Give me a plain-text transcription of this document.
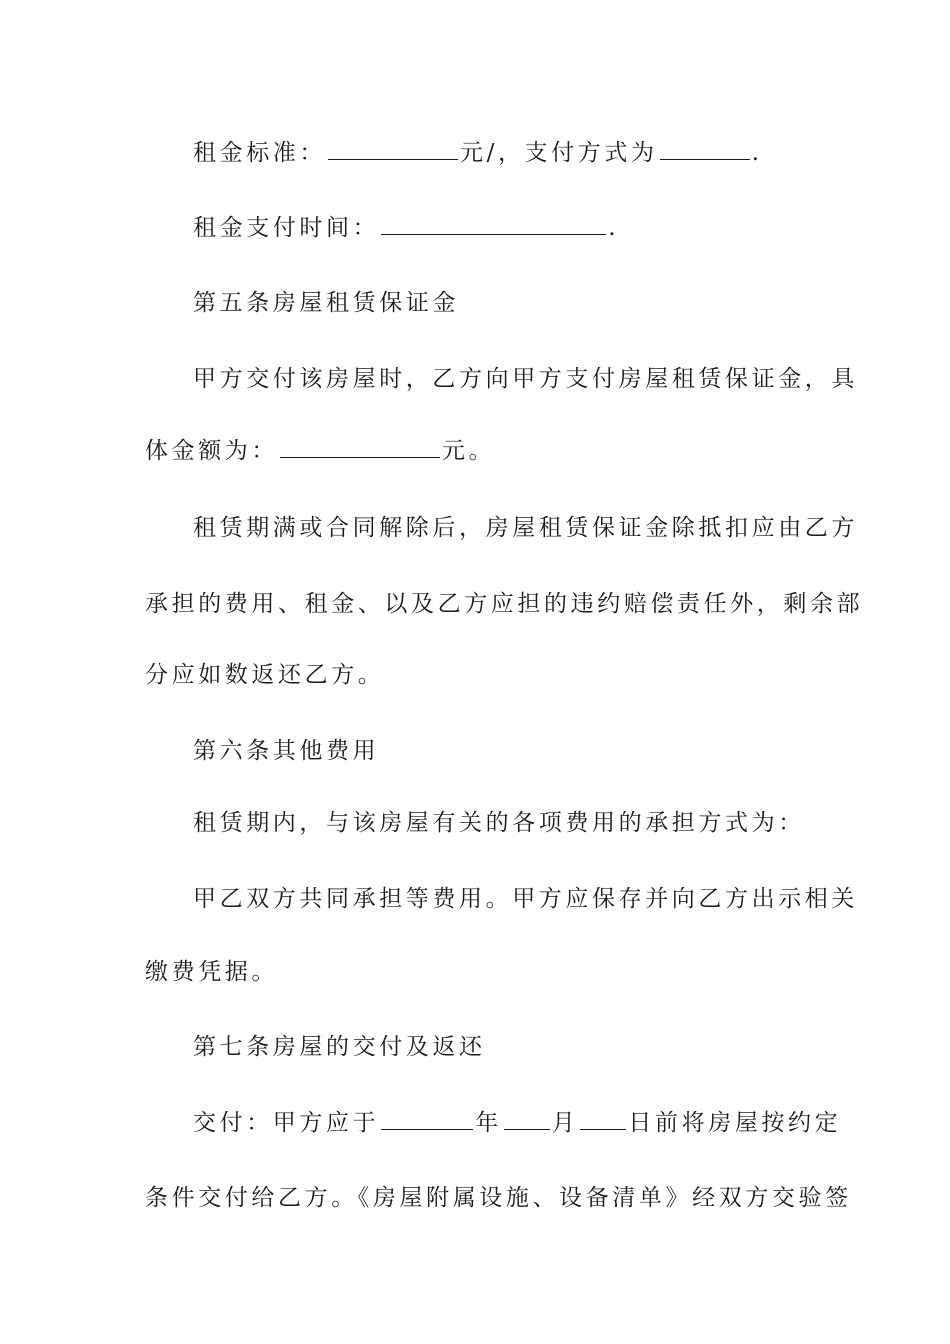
租金标准：	元/，支付方式为	.
租金支付时间：	.
第五条房屋租赁保证金
甲方交付该房屋时，乙方向甲方支付房屋租赁保证金，具
体金额为：	元。
租赁期满或合同解除后，房屋租赁保证金除抵扣应由乙方
承担的费用、租金、以及乙方应担的违约赔偿责任外，剩余部
分应如数返还乙方。
第六条其他费用
租赁期内，与该房屋有关的各项费用的承担方式为：
甲乙双方共同承担等费用。甲方应保存并向乙方出示相关
缴费凭据。
第七条房屋的交付及返还
交付：甲方应于	年 月 日前将房屋按约定
条件交付给乙方。《房屋附属设施、设备清单》经双方交验签
